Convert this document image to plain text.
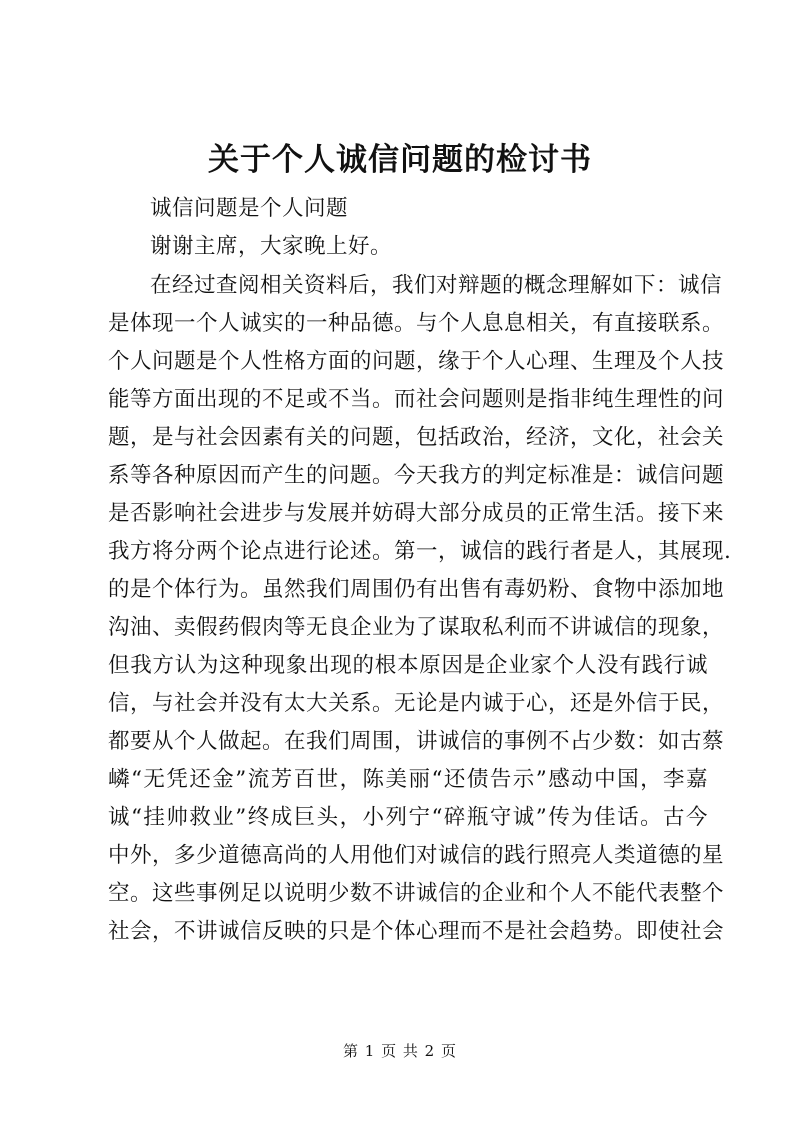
关于个人诚信问题的检讨书
诚信问题是个人问题
谢谢主席，大家晚上好。
在经过查阅相关资料后，我们对辩题的概念理解如下：诚信
是体现一个人诚实的一种品德。与个人息息相关，有直接联系。
个人问题是个人性格方面的问题，缘于个人心理、生理及个人技
能等方面出现的不足或不当。而社会问题则是指非纯生理性的问
题，是与社会因素有关的问题，包括政治，经济，文化，社会关
系等各种原因而产生的问题。今天我方的判定标准是：诚信问题
是否影响社会进步与发展并妨碍大部分成员的正常生活。接下来
我方将分两个论点进行论述。第一，诚信的践行者是人，其展现.
的是个体行为。虽然我们周围仍有出售有毒奶粉、食物中添加地
沟油、卖假药假肉等无良企业为了谋取私利而不讲诚信的现象，
但我方认为这种现象出现的根本原因是企业家个人没有践行诚
信，与社会并没有太大关系。无论是内诚于心，还是外信于民，
都要从个人做起。在我们周围，讲诚信的事例不占少数：如古蔡
嶙“无凭还金”流芳百世，陈美丽“还债告示”感动中国，李嘉
诚“挂帅救业”终成巨头，小列宁“碎瓶守诚”传为佳话。古今
中外，多少道德高尚的人用他们对诚信的践行照亮人类道德的星
空。这些事例足以说明少数不讲诚信的企业和个人不能代表整个
社会，不讲诚信反映的只是个体心理而不是社会趋势。即使社会
第 1 页 共 2 页
